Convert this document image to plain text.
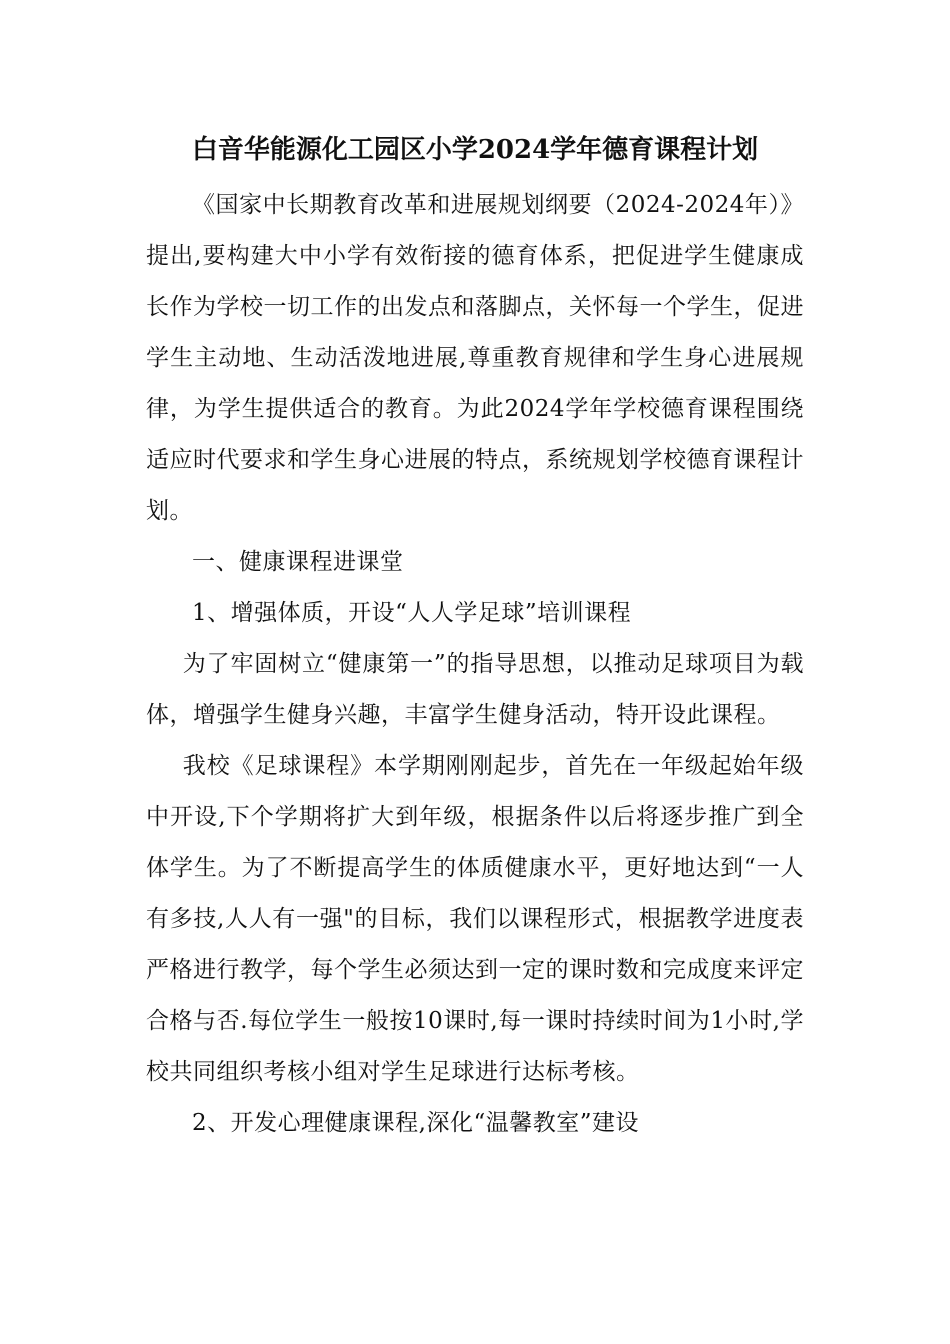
白音华能源化工园区小学2024学年德育课程计划

《国家中长期教育改革和进展规划纲要（2024-2024年）》提出,要构建大中小学有效衔接的德育体系，把促进学生健康成长作为学校一切工作的出发点和落脚点，关怀每一个学生，促进学生主动地、生动活泼地进展,尊重教育规律和学生身心进展规律，为学生提供适合的教育。为此2024学年学校德育课程围绕适应时代要求和学生身心进展的特点，系统规划学校德育课程计划。

一、健康课程进课堂

1、增强体质，开设“人人学足球”培训课程

为了牢固树立“健康第一”的指导思想，以推动足球项目为载体，增强学生健身兴趣，丰富学生健身活动，特开设此课程。

我校《足球课程》本学期刚刚起步，首先在一年级起始年级中开设,下个学期将扩大到年级，根据条件以后将逐步推广到全体学生。为了不断提高学生的体质健康水平，更好地达到“一人有多技,人人有一强"的目标，我们以课程形式，根据教学进度表严格进行教学，每个学生必须达到一定的课时数和完成度来评定合格与否.每位学生一般按10课时,每一课时持续时间为1小时,学校共同组织考核小组对学生足球进行达标考核。

2、开发心理健康课程,深化“温馨教室”建设
